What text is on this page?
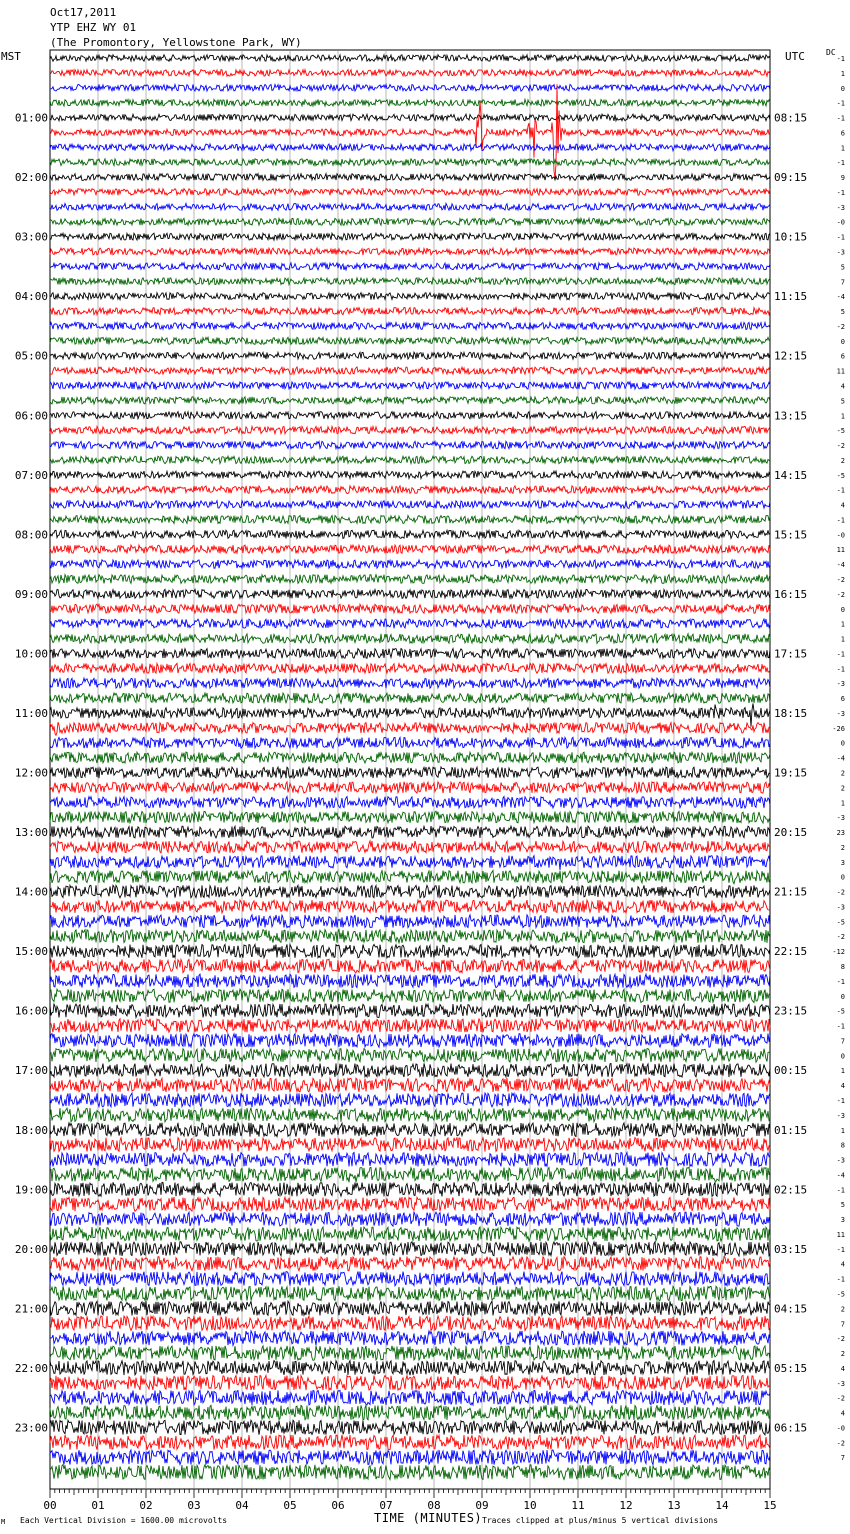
Oct17,2011
YTP EHZ WY 01
(The Promontory, Yellowstone Park, WY)
MST	UTC	DC
-1
1
0
-1
-1
6
1
-1
9
-1
-3
-0
-1
-3
5
7
-4
5
-2
0
6
11
4
5
1
-5
-2
2
-5
-1
4
-1
-0
11
-4
-2
-2
0
1
1
-1
-1
-3
6
-3
-26
0
-4
2
2
1
-3
23
2
3
0
-2
-3
-5
-2
-12
8
-1
0
-5
-1
7
0
1
4
-1
-3
1
8
-3
-4
-1
5
3
11
-1
4
-1
-5
2
7
-2
2
4
-3
-2
4
-0
-2
7
01:00
02:00
03:00
04:00
05:00
06:00
07:00
08:00
09:00
10:00
11:00
12:00
13:00
14:00
15:00
16:00
17:00
18:00
19:00
20:00
21:00
22:00
23:00
08:15
09:15
10:15
11:15
12:15
13:15
14:15
15:15
16:15
17:15
18:15
19:15
20:15
21:15
22:15
23:15
00:15
01:15
02:15
03:15
04:15
05:15
06:15
00	01	02	03	04	05	06	07	08	09	10	11	12	13	14	15
TIME (MINUTES)
M Each Vertical Division = 1600.00 microvolts	Traces clipped at plus/minus 5 vertical divisions
